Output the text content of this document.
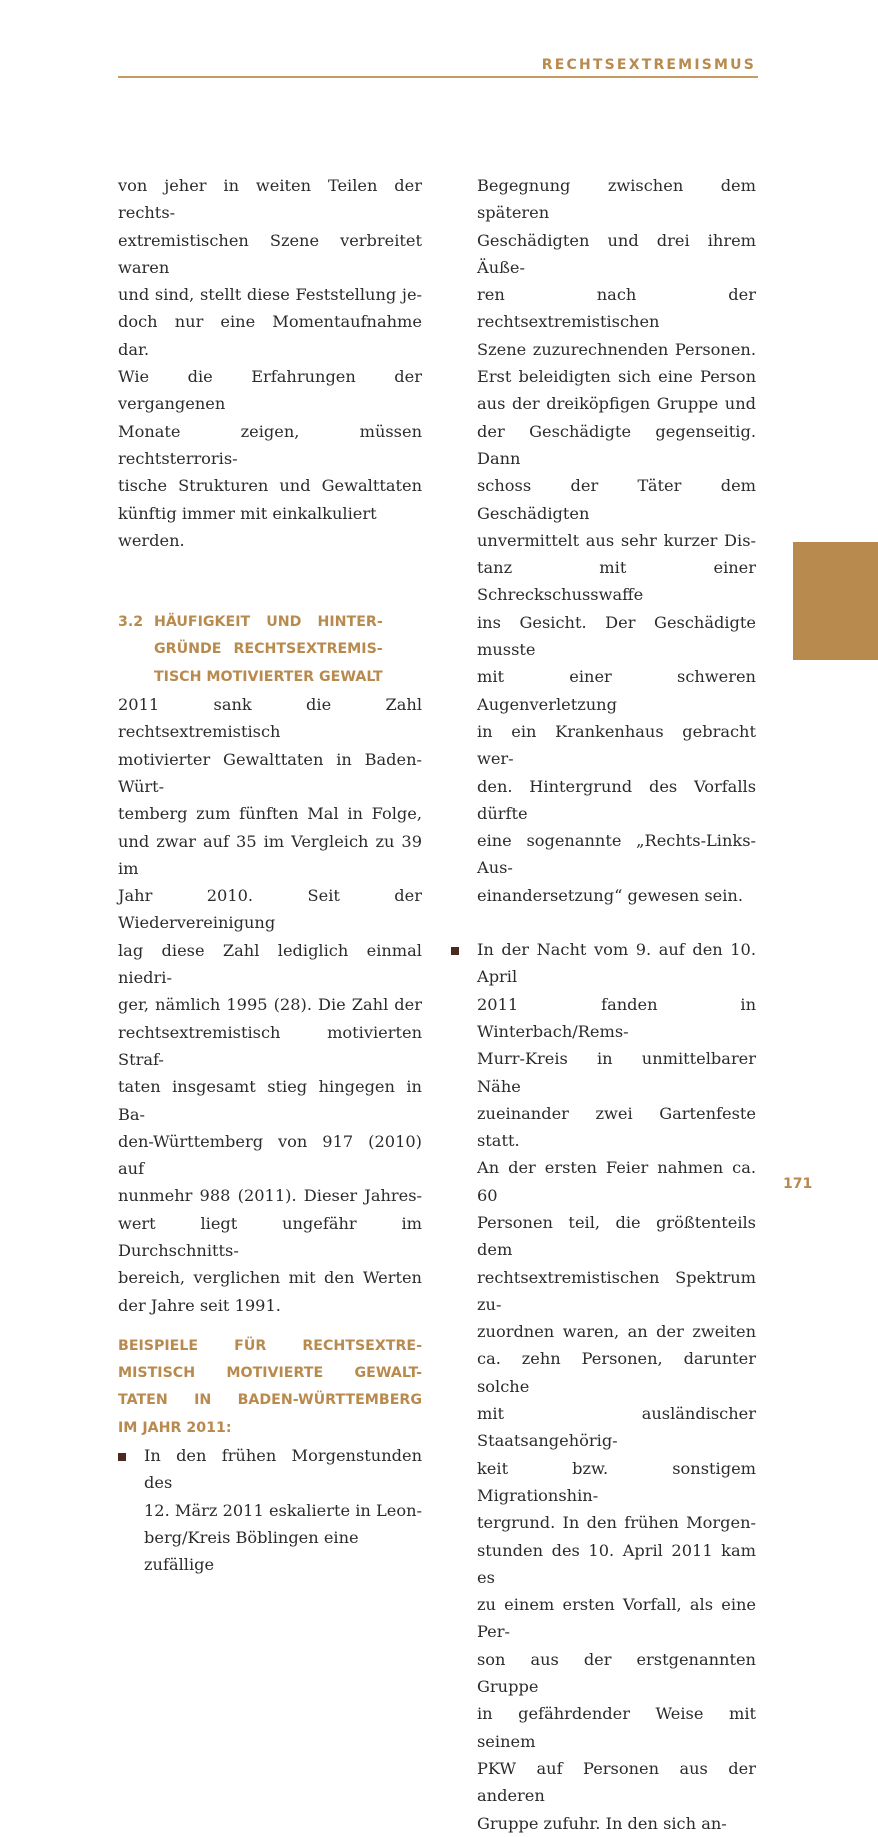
RECHTSEXTREMISMUS
von jeher in weiten Teilen der rechts-
extremistischen Szene verbreitet waren
und sind, stellt diese Feststellung je-
doch nur eine Momentaufnahme dar.
Wie die Erfahrungen der vergangenen
Monate zeigen, müssen rechtsterroris-
tische Strukturen und Gewalttaten
künftig immer mit einkalkuliert werden.
3.2 HÄUFIGKEIT UND HINTER-
GRÜNDE RECHTSEXTREMIS-
TISCH MOTIVIERTER GEWALT
2011 sank die Zahl rechtsextremistisch
motivierter Gewalttaten in Baden-Würt-
temberg zum fünften Mal in Folge,
und zwar auf 35 im Vergleich zu 39 im
Jahr 2010. Seit der Wiedervereinigung
lag diese Zahl lediglich einmal niedri-
ger, nämlich 1995 (28). Die Zahl der
rechtsextremistisch motivierten Straf-
taten insgesamt stieg hingegen in Ba-
den-Württemberg von 917 (2010) auf
nunmehr 988 (2011). Dieser Jahres-
wert liegt ungefähr im Durchschnitts-
bereich, verglichen mit den Werten
der Jahre seit 1991.
BEISPIELE FÜR RECHTSEXTRE-
MISTISCH MOTIVIERTE GEWALT-
TATEN IN BADEN-WÜRTTEMBERG
IM JAHR 2011:
In den frühen Morgenstunden des
12. März 2011 eskalierte in Leon-
berg/Kreis Böblingen eine zufällige
Begegnung zwischen dem späteren
Geschädigten und drei ihrem Äuße-
ren nach der rechtsextremistischen
Szene zuzurechnenden Personen.
Erst beleidigten sich eine Person
aus der dreiköpfigen Gruppe und
der Geschädigte gegenseitig. Dann
schoss der Täter dem Geschädigten
unvermittelt aus sehr kurzer Dis-
tanz mit einer Schreckschusswaffe
ins Gesicht. Der Geschädigte musste
mit einer schweren Augenverletzung
in ein Krankenhaus gebracht wer-
den. Hintergrund des Vorfalls dürfte
eine sogenannte „Rechts-Links-Aus-
einandersetzung“ gewesen sein.
In der Nacht vom 9. auf den 10. April
2011 fanden in Winterbach/Rems-
Murr-Kreis in unmittelbarer Nähe
zueinander zwei Gartenfeste statt.
An der ersten Feier nahmen ca. 60
Personen teil, die größtenteils dem
rechtsextremistischen Spektrum zu-
zuordnen waren, an der zweiten
ca. zehn Personen, darunter solche
mit ausländischer Staatsangehörig-
keit bzw. sonstigem Migrationshin-
tergrund. In den frühen Morgen-
stunden des 10. April 2011 kam es
zu einem ersten Vorfall, als eine Per-
son aus der erstgenannten Gruppe
in gefährdender Weise mit seinem
PKW auf Personen aus der anderen
Gruppe zufuhr. In den sich an-
171
